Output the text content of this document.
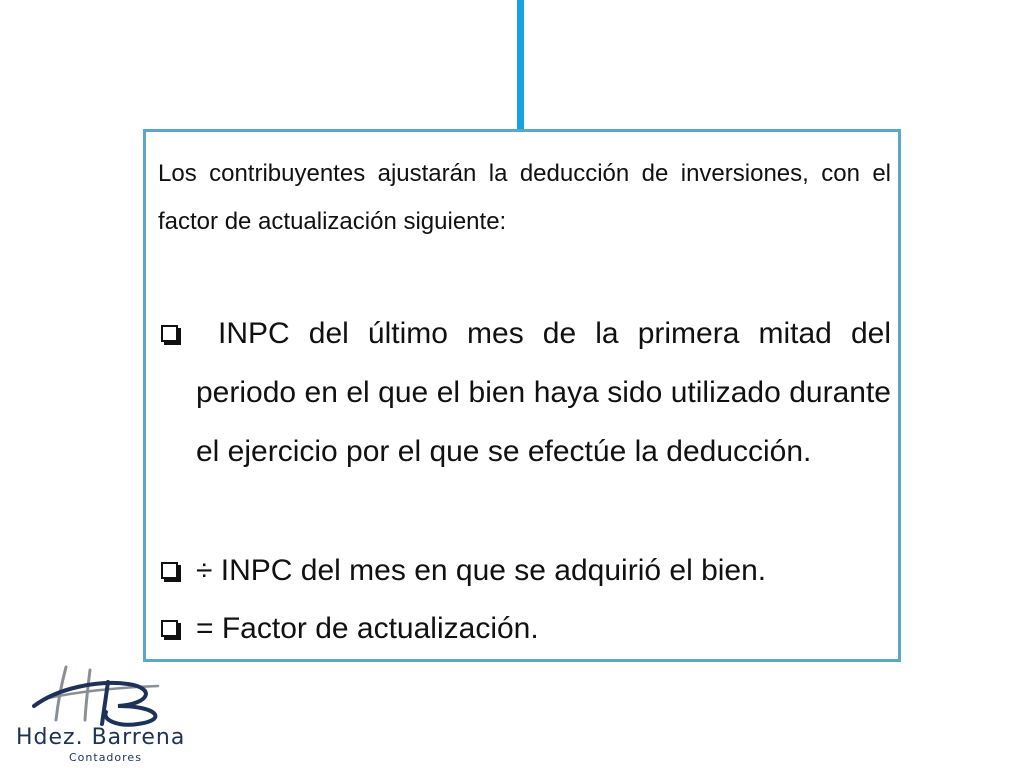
Los contribuyentes ajustarán la deducción de inversiones, con el factor de actualización siguiente:

INPC del último mes de la primera mitad del periodo en el que el bien haya sido utilizado durante el ejercicio por el que se efectúe la deducción.
÷ INPC del mes en que se adquirió el bien.
= Factor de actualización.
Hdez. Barrena
Contadores
